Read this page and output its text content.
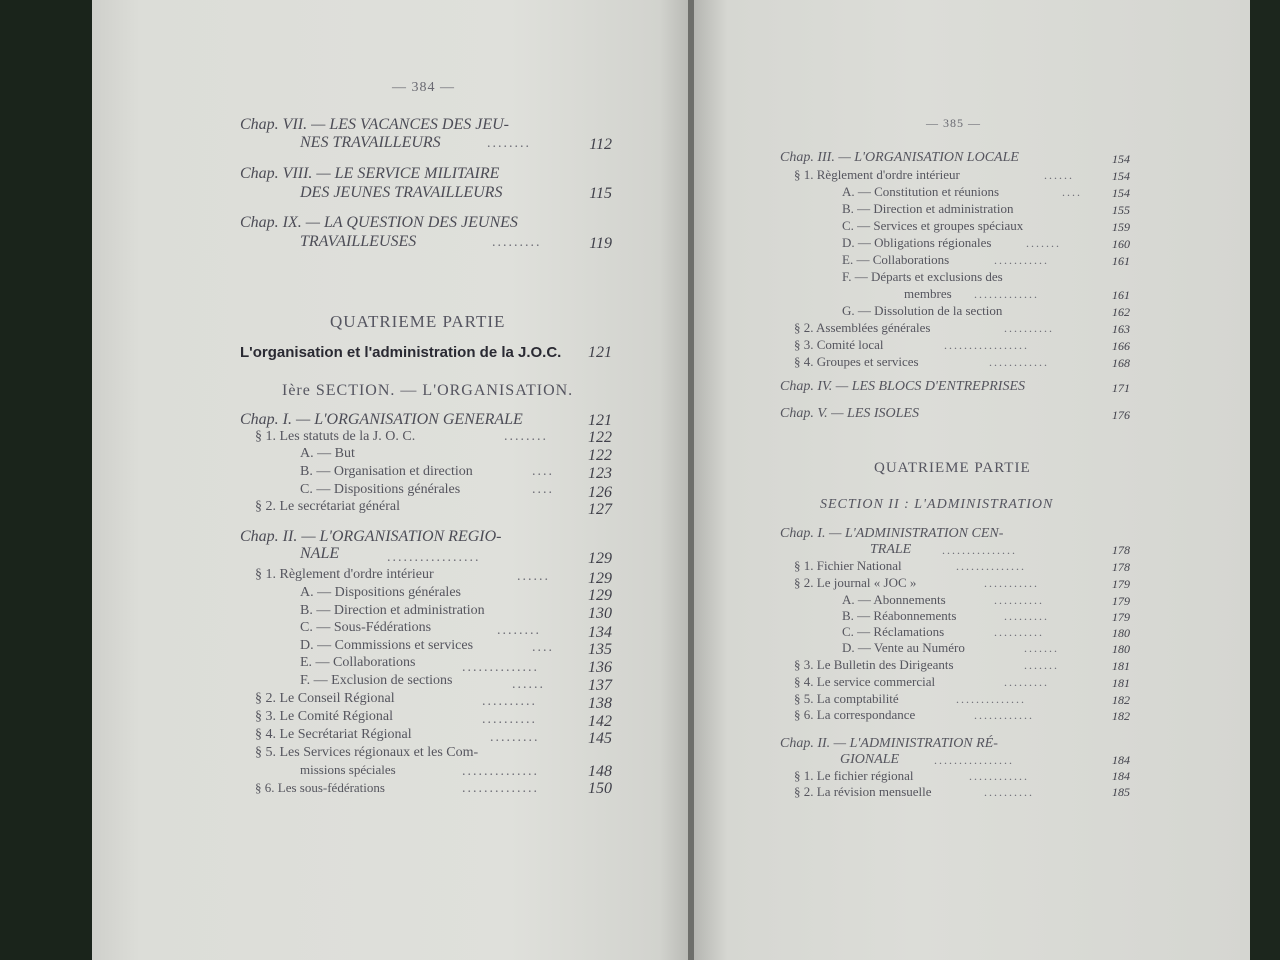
— 384 —
Chap. VII. — LES VACANCES DES JEU-
NES TRAVAILLEURS	........	112
Chap. VIII. — LE SERVICE MILITAIRE
DES JEUNES TRAVAILLEURS	115
Chap. IX. — LA QUESTION DES JEUNES
TRAVAILLEUSES	.........	119
QUATRIEME PARTIE
L'organisation et l'administration de la J.O.C.	121
Ière SECTION. — L'ORGANISATION.
Chap. I. — L'ORGANISATION GENERALE	121
§ 1. Les statuts de la J. O. C.	........	122
A. — But	122
B. — Organisation et direction	....	123
C. — Dispositions générales	....	126
§ 2. Le secrétariat général	127
Chap. II. — L'ORGANISATION REGIO-
NALE	.................	129
§ 1. Règlement d'ordre intérieur	......	129
A. — Dispositions générales	129
B. — Direction et administration	130
C. — Sous-Fédérations	........	134
D. — Commissions et services	....	135
E. — Collaborations	..............	136
F. — Exclusion de sections	......	137
§ 2. Le Conseil Régional	..........	138
§ 3. Le Comité Régional	..........	142
§ 4. Le Secrétariat Régional	.........	145
§ 5. Les Services régionaux et les Com-
missions spéciales	..............	148
§ 6. Les sous-fédérations	..............	150
— 385 —
Chap. III. — L'ORGANISATION LOCALE	154
§ 1. Règlement d'ordre intérieur	......	154
A. — Constitution et réunions	....	154
B. — Direction et administration	155
C. — Services et groupes spéciaux	159
D. — Obligations régionales	.......	160
E. — Collaborations	...........	161
F. — Départs et exclusions des
membres .............	161
G. — Dissolution de la section	162
§ 2. Assemblées générales	..........	163
§ 3. Comité local	.................	166
§ 4. Groupes et services	............	168
Chap. IV. — LES BLOCS D'ENTREPRISES	171
Chap. V. — LES ISOLES	176
QUATRIEME PARTIE
SECTION II : L'ADMINISTRATION
Chap. I. — L'ADMINISTRATION CEN-
TRALE	...............	178
§ 1. Fichier National	..............	178
§ 2. Le journal « JOC »	...........	179
A. — Abonnements	..........	179
B. — Réabonnements	.........	179
C. — Réclamations	..........	180
D. — Vente au Numéro	.......	180
§ 3. Le Bulletin des Dirigeants	.......	181
§ 4. Le service commercial	.........	181
§ 5. La comptabilité	..............	182
§ 6. La correspondance	............	182
Chap. II. — L'ADMINISTRATION RÉ-
GIONALE	................	184
§ 1. Le fichier régional	............	184
§ 2. La révision mensuelle	..........	185
